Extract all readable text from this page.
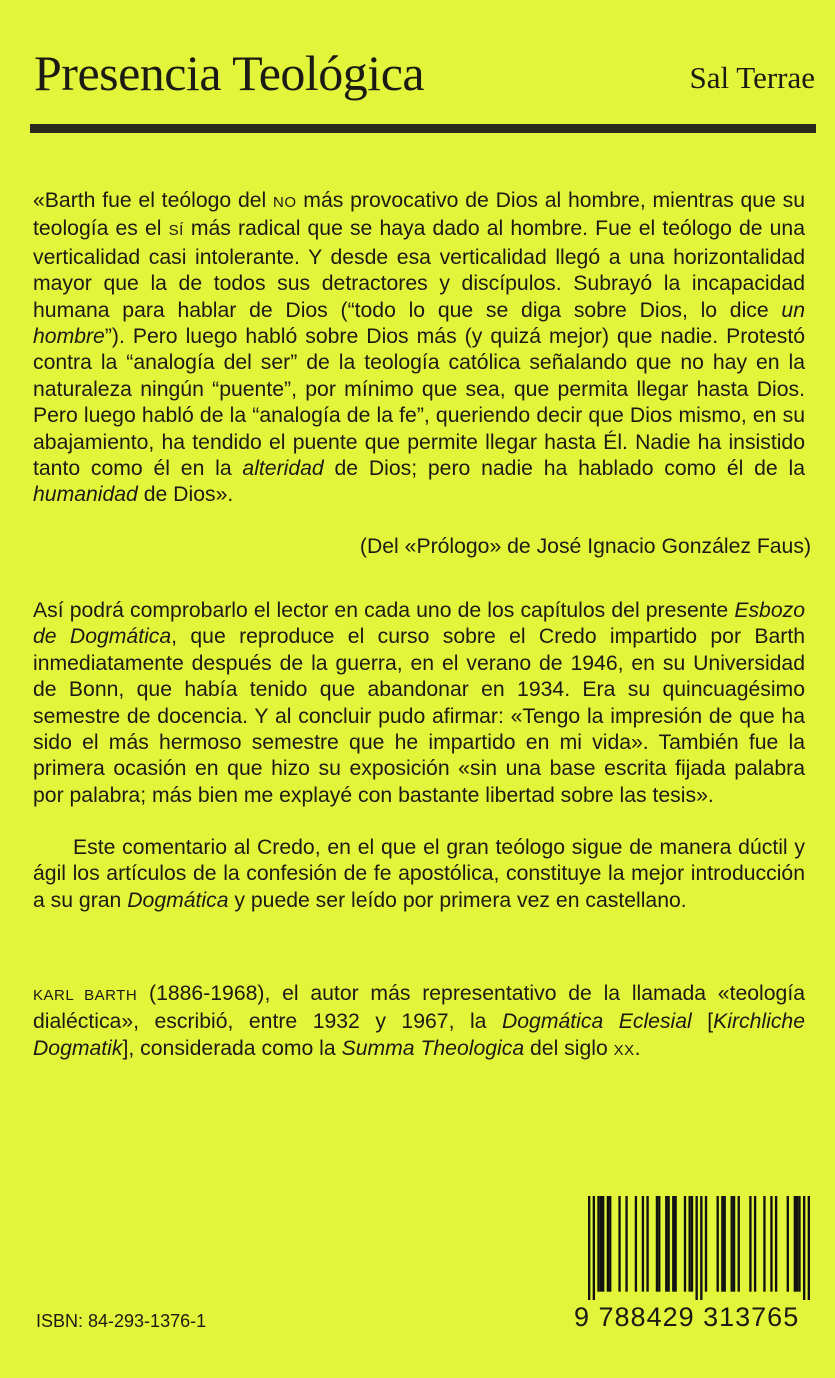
Presencia Teológica	Sal Terrae
«Barth fue el teólogo del NO más provocativo de Dios al hombre, mientras que su teología es el SÍ más radical que se haya dado al hombre. Fue el teólogo de una verticalidad casi intolerante. Y desde esa verticalidad llegó a una horizontalidad mayor que la de todos sus detractores y discípulos. Subrayó la incapacidad humana para hablar de Dios (“todo lo que se diga sobre Dios, lo dice un hombre”). Pero luego habló sobre Dios más (y quizá mejor) que nadie. Protestó contra la “analogía del ser” de la teología católica señalando que no hay en la naturaleza ningún “puente”, por mínimo que sea, que permita llegar hasta Dios. Pero luego habló de la “analogía de la fe”, queriendo decir que Dios mismo, en su abajamiento, ha tendido el puente que permite llegar hasta Él. Nadie ha insistido tanto como él en la alteridad de Dios; pero nadie ha hablado como él de la humanidad de Dios».
(Del «Prólogo» de José Ignacio González Faus)
Así podrá comprobarlo el lector en cada uno de los capítulos del presente Esbozo de Dogmática, que reproduce el curso sobre el Credo impartido por Barth inmediatamente después de la guerra, en el verano de 1946, en su Universidad de Bonn, que había tenido que abandonar en 1934. Era su quincuagésimo semestre de docencia. Y al concluir pudo afirmar: «Tengo la impresión de que ha sido el más hermoso semestre que he impartido en mi vida». También fue la primera ocasión en que hizo su exposición «sin una base escrita fijada palabra por palabra; más bien me explayé con bastante libertad sobre las tesis».
Este comentario al Credo, en el que el gran teólogo sigue de manera dúctil y ágil los artículos de la confesión de fe apostólica, constituye la mejor introducción a su gran Dogmática y puede ser leído por primera vez en castellano.
KARL BARTH (1886-1968), el autor más representativo de la llamada «teología dialéctica», escribió, entre 1932 y 1967, la Dogmática Eclesial [Kirchliche Dogmatik], considerada como la Summa Theologica del siglo XX.
ISBN: 84-293-1376-1	9 788429 313765
